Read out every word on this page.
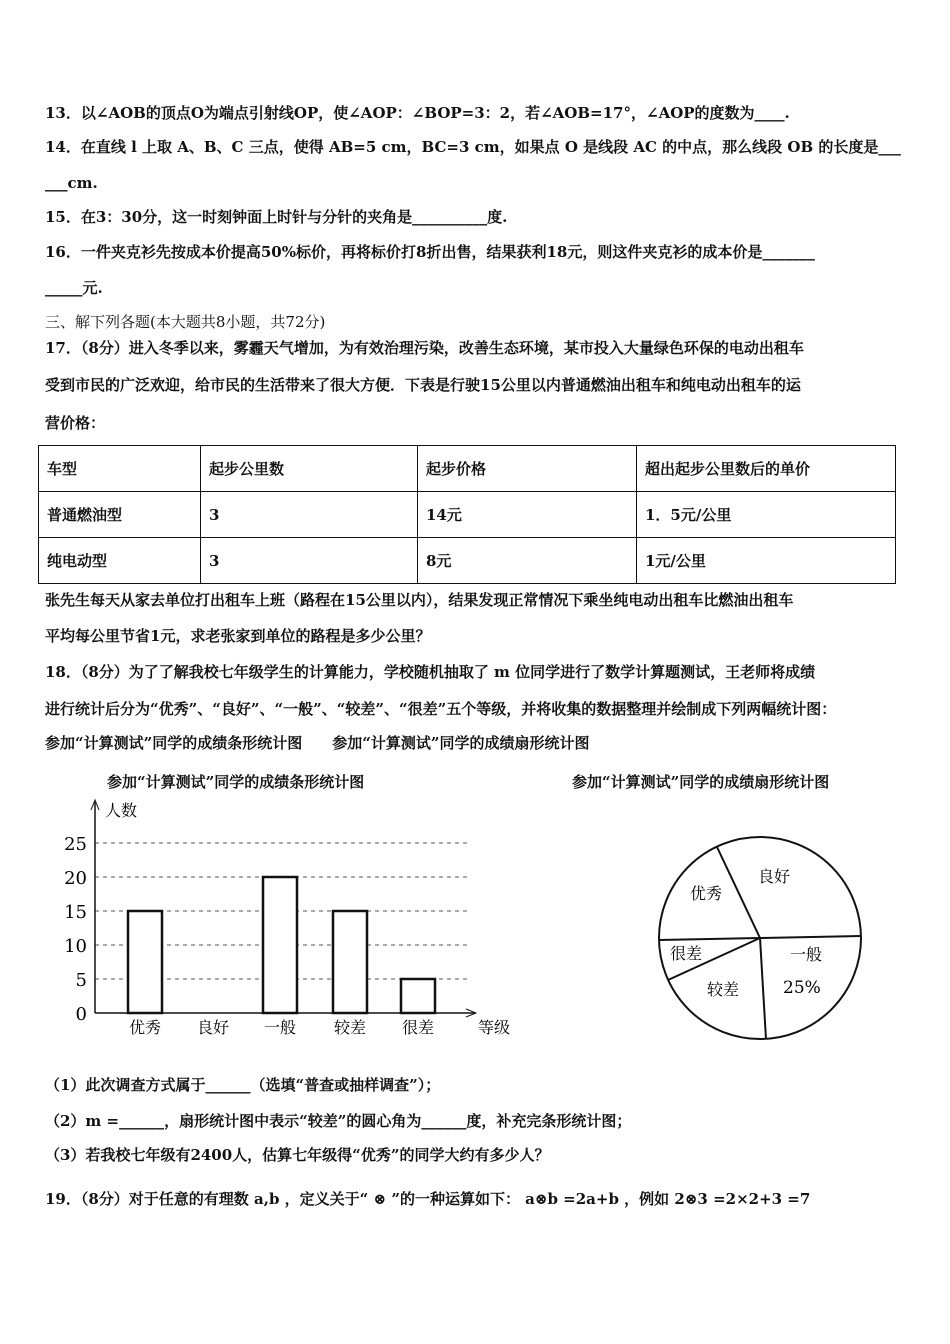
13．以∠AOB的顶点O为端点引射线OP，使∠AOP：∠BOP=3：2，若∠AOB=17°，∠AOP的度数为____.
14．在直线 l 上取 A、B、C 三点，使得 AB=5 cm，BC=3 cm，如果点 O 是线段 AC 的中点，那么线段 OB 的长度是___
___cm.
15．在3：30分，这一时刻钟面上时针与分针的夹角是__________度.
16．一件夹克衫先按成本价提高50%标价，再将标价打8折出售，结果获利18元，则这件夹克衫的成本价是_______
_____元.
三、解下列各题(本大题共8小题，共72分)
17．（8分）进入冬季以来，雾霾天气增加，为有效治理污染，改善生态环境，某市投入大量绿色环保的电动出租车
受到市民的广泛欢迎，给市民的生活带来了很大方便．下表是行驶15公里以内普通燃油出租车和纯电动出租车的运
营价格：
车型	起步公里数	起步价格	超出起步公里数后的单价
普通燃油型	3	14元	1．5元/公里
纯电动型	3	8元	1元/公里
张先生每天从家去单位打出租车上班（路程在15公里以内），结果发现正常情况下乘坐纯电动出租车比燃油出租车
平均每公里节省1元，求老张家到单位的路程是多少公里？
18．（8分）为了了解我校七年级学生的计算能力，学校随机抽取了 m 位同学进行了数学计算题测试，王老师将成绩
进行统计后分为“优秀”、“良好”、“一般”、“较差”、“很差”五个等级，并将收集的数据整理并绘制成下列两幅统计图：
参加“计算测试”同学的成绩条形统计图　　参加“计算测试”同学的成绩扇形统计图
参加“计算测试”同学的成绩条形统计图	参加“计算测试”同学的成绩扇形统计图
0
5
10
15
20
25
人数
等级
优秀 良好 一般 较差 很差
良好
优秀
很差
较差
一般
25%
（1）此次调查方式属于______（选填“普查或抽样调查”）；
（2）m =______，扇形统计图中表示“较差”的圆心角为______度，补充完条形统计图；
（3）若我校七年级有2400人，估算七年级得“优秀”的同学大约有多少人？
19．（8分）对于任意的有理数 a,b ，定义关于“ ⊗ ”的一种运算如下： a⊗b =2a+b ，例如 2⊗3 =2×2+3 =7
